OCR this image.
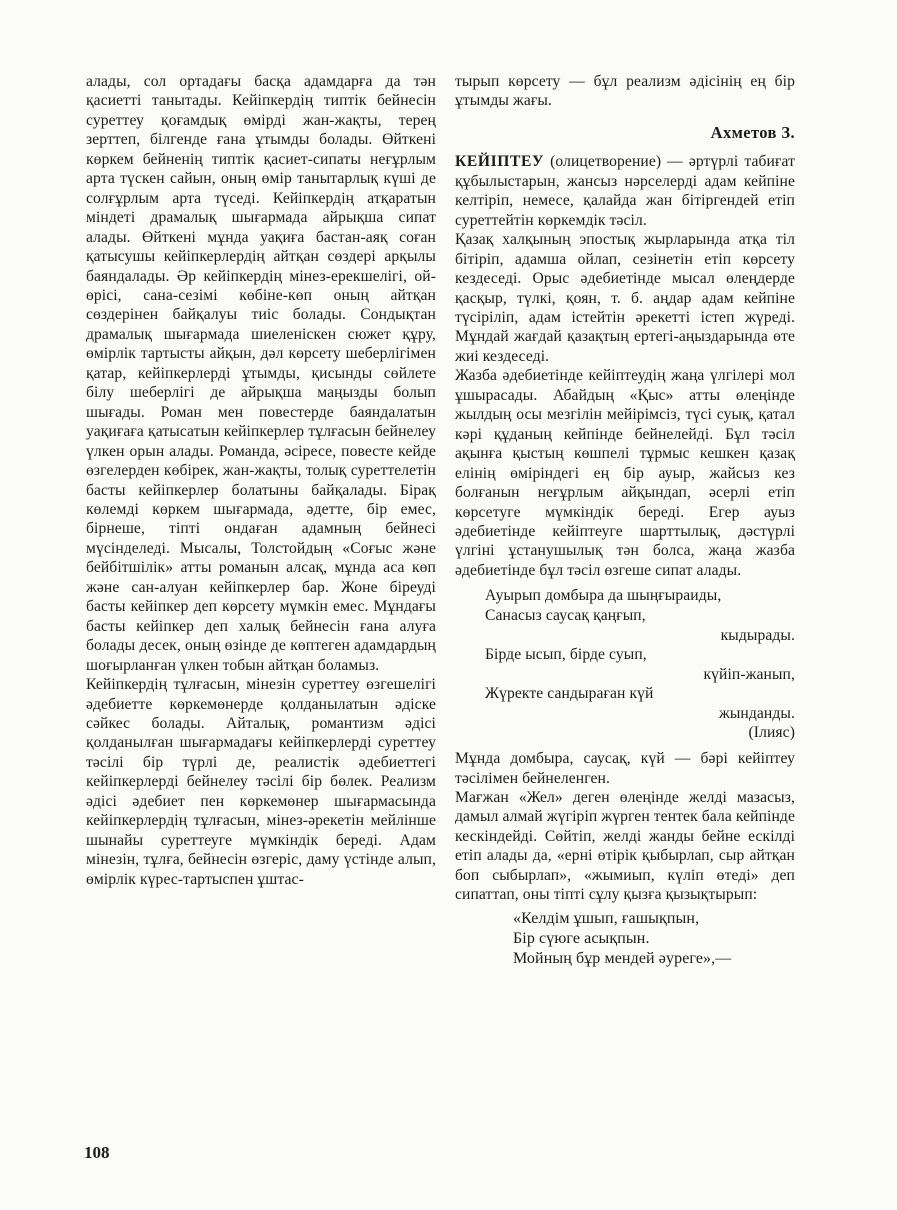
алады, сол ортадағы басқа адамдарға да тән қасиетті танытады. Кейіпкердің типтік бейнесін суреттеу қоғамдық өмірді жан-жақты, терең зерттеп, білгенде ғана ұтымды болады. Өйткені көркем бейненің типтік қасиет-сипаты неғұрлым арта түскен сайын, оның өмір танытарлық күші де солғұрлым арта түседі. Кейіпкердің атқаратын міндеті драмалық шығармада айрықша сипат алады. Өйткені мұнда уақиға бастан-аяқ соған қатысушы кейіпкерлердің айтқан сөздері арқылы баяндалады. Әр кейіпкердің мінез-ерекшелігі, ой-өрісі, сана-сезімі көбіне-көп оның айтқан сөздерінен байқалуы тиіс болады. Сондықтан драмалық шығармада шиеленіскен сюжет құру, өмірлік тартысты айқын, дәл көрсету шеберлігімен қатар, кейіпкерлерді ұтымды, қисынды сөйлете білу шеберлігі де айрықша маңызды болып шығады. Роман мен повестерде баяндалатын уақиғаға қатысатын кейіпкерлер тұлғасын бейнелеу үлкен орын алады. Романда, әсіресе, повесте кейде өзгелерден көбірек, жан-жақты, толық суреттелетін басты кейіпкерлер болатыны байқалады. Бірақ көлемді көркем шығармада, әдетте, бір емес, бірнеше, тіпті ондаған адамның бейнесі мүсінделеді. Мысалы, Толстойдың «Соғыс және бейбітшілік» атты романын алсақ, мұнда аса көп және сан-алуан кейіпкерлер бар. Жоне біреуді басты кейіпкер деп көрсету мүмкін емес. Мұндағы басты кейіпкер деп халық бейнесін ғана алуға болады десек, оның өзінде де көптеген адамдардың шоғырланған үлкен тобын айтқан боламыз.

Кейіпкердің тұлғасын, мінезін суреттеу өзгешелігі әдебиетте көркемөнерде қолданылатын әдіске сәйкес болады. Айталық, романтизм әдісі қолданылған шығармадағы кейіпкерлерді суреттеу тәсілі бір түрлі де, реалистік әдебиеттегі кейіпкерлерді бейнелеу тәсілі бір бөлек. Реализм әдісі әдебиет пен көркемөнер шығармасында кейіпкерлердің тұлғасын, мінез-әрекетін мейлінше шынайы суреттеуге мүмкіндік береді. Адам мінезін, тұлға, бейнесін өзгеріс, даму үстінде алып, өмірлік күрес-тартыспен ұштас-

тырып көрсету — бұл реализм әдісінің ең бір ұтымды жағы.

Ахметов З.

КЕЙІПТЕУ (олицетворение) — әртүрлі табиғат құбылыстарын, жансыз нәрселерді адам кейпіне келтіріп, немесе, қалайда жан бітіргендей етіп суреттейтін көркемдік тәсіл.

Қазақ халқының эпостық жырларында атқа тіл бітіріп, адамша ойлап, сезінетін етіп көрсету кездеседі. Орыс әдебиетінде мысал өлеңдерде қасқыр, түлкі, қоян, т. б. аңдар адам кейпіне түсіріліп, адам істейтін әрекетті істеп жүреді. Мұндай жағдай қазақтың ертегі-аңыздарында өте жиі кездеседі.

Жазба әдебиетінде кейіптеудің жаңа үлгілері мол ұшырасады. Абайдың «Қыс» атты өлеңінде жылдың осы мезгілін мейірімсіз, түсі суық, қатал кәрі құданың кейпінде бейнелейді. Бұл тәсіл ақынға қыстың көшпелі тұрмыс кешкен қазақ елінің өміріндегі ең бір ауыр, жайсыз кез болғанын неғұрлым айқындап, әсерлі етіп көрсетуге мүмкіндік береді. Егер ауыз әдебиетінде кейіптеуге шарттылық, дәстүрлі үлгіні ұстанушылық тән болса, жаңа жазба әдебиетінде бұл тәсіл өзгеше сипат алады.

Ауырып домбыра да шыңғыраиды,
Санасыз саусақ қаңғып,
кыдырады.
Бірде ысып, бірде суып,
күйіп-жанып,
Жүректе сандыраған күй
жынданды.
(Ілияс)

Мұнда домбыра, саусақ, күй — бәрі кейіптеу тәсілімен бейнеленген.

Мағжан «Жел» деген өлеңінде желді мазасыз, дамыл алмай жүгіріп жүрген тентек бала кейпінде кескіндейді. Сөйтіп, желді жанды бейне ескілді етіп алады да, «ерні өтірік қыбырлап, сыр айтқан боп сыбырлап», «жымиып, күліп өтеді» деп сипаттап, оны тіпті сұлу қызға қызықтырып:

«Келдім ұшып, ғашықпын,
Бір сүюге асықпын.
Мойның бұр мендей әуреге»,—
108
